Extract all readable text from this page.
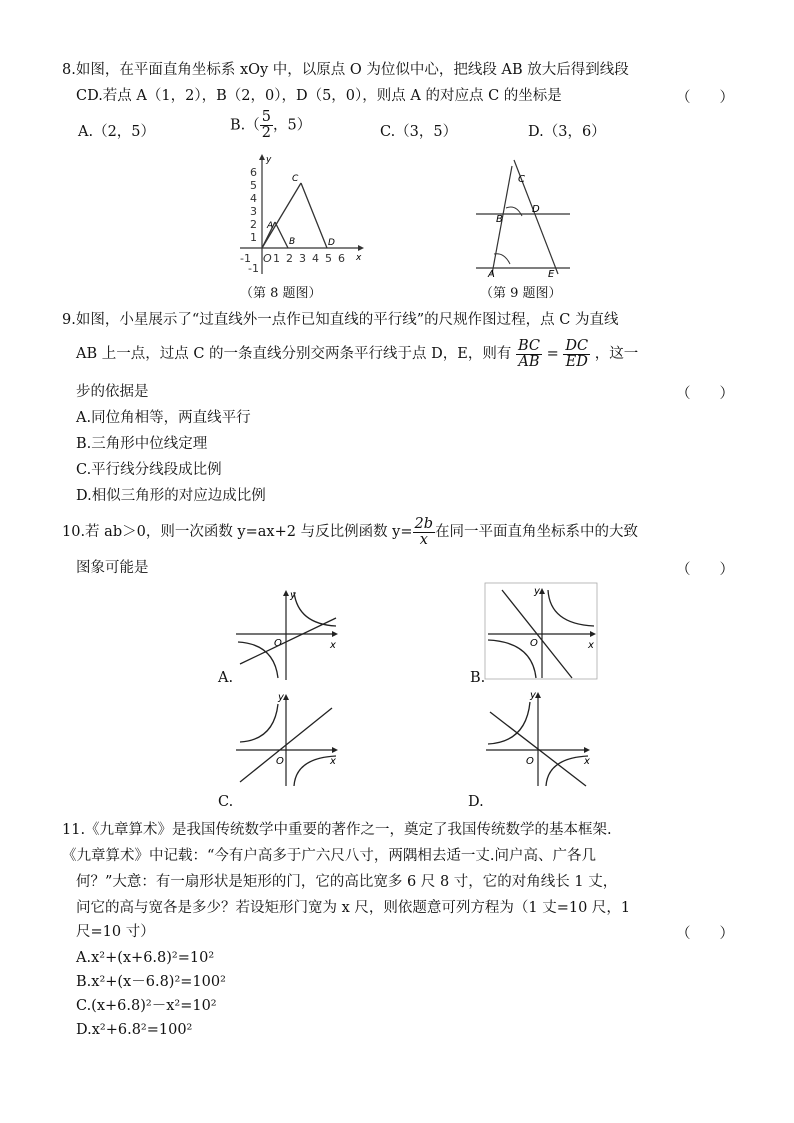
8.如图，在平面直角坐标系 xOy 中，以原点 O 为位似中心，把线段 AB 放大后得到线段
CD.若点 A（1，2），B（2，0），D（5，0），则点 A 的对应点 C 的坐标是	（　　）
A.（2，5）	$B.( \frac{5}{2}$ ，5）	C.（3，5）	D.（3，6）
y
x
6
5
4
3
2
1
-1
-1 O 1 2 3 4 5 6
A
B
C
D
（第 8 题图）
C
D
B
A	E
（第 9 题图）
9.如图，小星展示了“过直线外一点作已知直线的平行线”的尺规作图过程，点 C 为直线
AB 上一点，过点 C 的一条直线分别交两条平行线于点 D，E，则有 $\frac{BC}{AB} = \frac{DC}{ED}$ ，这一
步的依据是	（　　）
A.同位角相等，两直线平行
B.三角形中位线定理
C.平行线分线段成比例
D.相似三角形的对应边成比例
10.若 ab＞0，则一次函数 y=ax+2 与反比例函数 $y= \frac{2b}{x}$ 在同一平面直角坐标系中的大致
图象可能是	（　　）
y
x
O
A.
y
x
O
B.
y
x
O
C.
y
x
O
D.
11.《九章算术》是我国传统数学中重要的著作之一，奠定了我国传统数学的基本框架.
《九章算术》中记载：“今有户高多于广六尺八寸，两隅相去适一丈.问户高、广各几
何？”大意：有一扇形状是矩形的门，它的高比宽多 6 尺 8 寸，它的对角线长 1 丈，
问它的高与宽各是多少？若设矩形门宽为 x 尺，则依题意可列方程为（1 丈=10 尺，1
尺=10 寸）	（　　）
A.x²+(x+6.8)²=10²
B.x²+(x－6.8)²=100²
C.(x+6.8)²－x²=10²
D.x²+6.8²=100²
